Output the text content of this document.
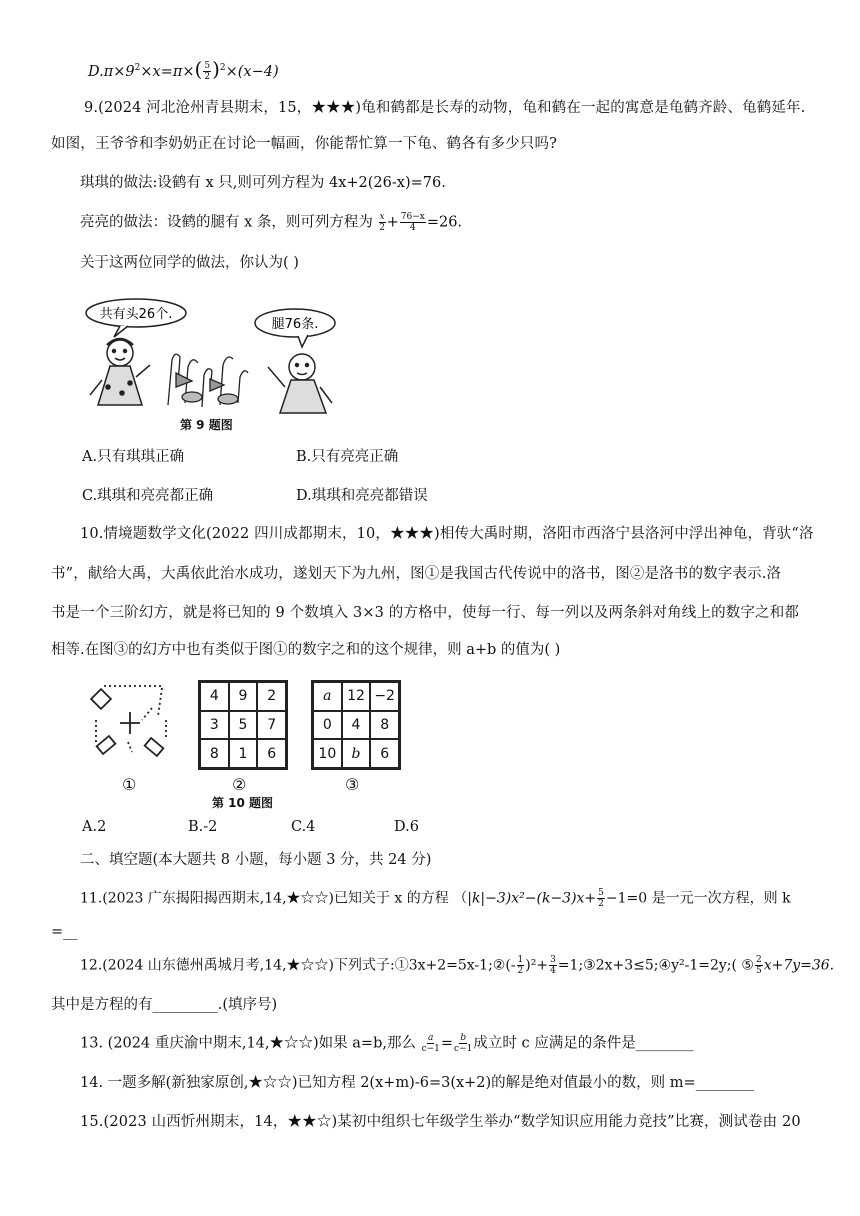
$D.\pi\times 9^2\times x=\pi\times( \frac{5}{2} )^2\times(x-4)$
9.(2024 河北沧州青县期末，15，★★★)龟和鹤都是长寿的动物，龟和鹤在一起的寓意是龟鹤齐龄、龟鹤延年.
如图，王爷爷和李奶奶正在讨论一幅画，你能帮忙算一下龟、鹤各有多少只吗?
琪琪的做法:设鹤有 x 只,则可列方程为 4x+2(26-x)=76.
亮亮的做法：设鹤的腿有 x 条，则可列方程为 $\frac{x}{2} + \frac{76-x}{4} =26$.
关于这两位同学的做法，你认为( )
共有头26个.
腿76条.
第 9 题图
A.只有琪琪正确	B.只有亮亮正确
C.琪琪和亮亮都正确	D.琪琪和亮亮都错误
10.情境题数学文化(2022 四川成都期末，10，★★★)相传大禹时期，洛阳市西洛宁县洛河中浮出神龟，背驮“洛
书”，献给大禹，大禹依此治水成功，遂划天下为九州，图①是我国古代传说中的洛书，图②是洛书的数字表示.洛
书是一个三阶幻方，就是将已知的 9 个数填入 3×3 的方格中，使每一行、每一列以及两条斜对角线上的数字之和都
相等.在图③的幻方中也有类似于图①的数字之和的这个规律，则 a+b 的值为( )
①
4	9	2
3	5	7
8	1	6
②
a	12 −2
0	4	8
10	b	6
③
第 10 题图
A.2	B.-2	C.4	D.6
二、填空题(本大题共 8 小题，每小题 3 分，共 24 分)
11.(2023 广东揭阳揭西期末,14,★☆☆)已知关于 x 的方程 $(|k|-3)x^2-(k-3)x+ \frac{5}{2} -1=0$ 是一元一次方程，则 k
=__
12.(2024 山东德州禹城月考,14,★☆☆)下列式子:①3x+2=5x-1;②(- $\frac{1}{2} )^2+ \frac{3}{4}$ =1;③2x+3≤5;④y²-1=2y;( ⑤ $\frac{2}{5} x+7y=36$.
其中是方程的有_________.(填序号)
13. (2024 重庆渝中期末,14,★☆☆)如果 a=b,那么 $\frac{a}{c-1} = \frac{b}{c-1}$ 成立时 c 应满足的条件是________
14. 一题多解(新独家原创,★☆☆)已知方程 2(x+m)-6=3(x+2)的解是绝对值最小的数，则 m=________
15.(2023 山西忻州期末，14，★★☆)某初中组织七年级学生举办“数学知识应用能力竞技”比赛，测试卷由 20
